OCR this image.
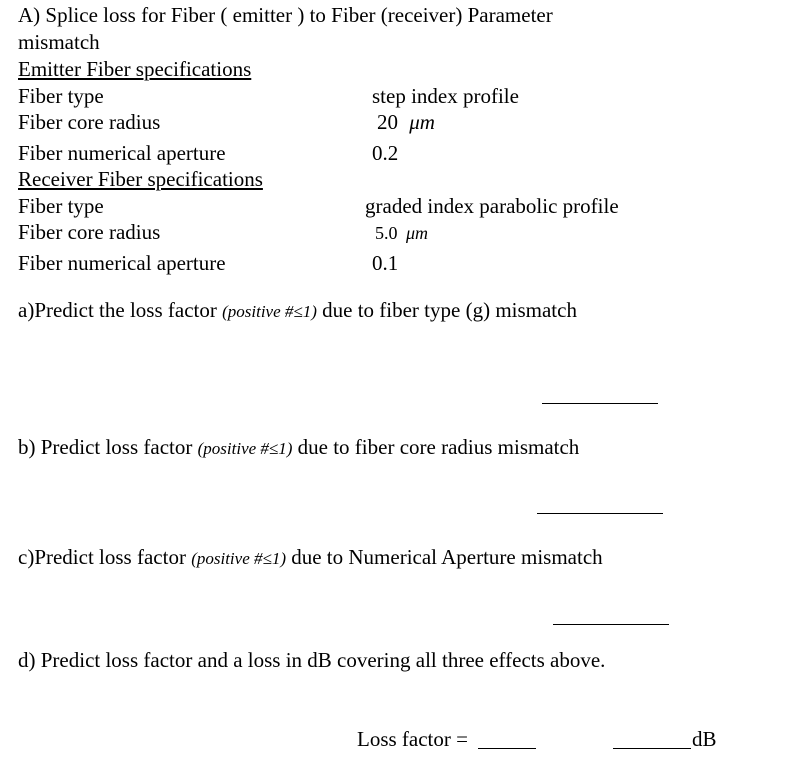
A) Splice loss for Fiber ( emitter ) to Fiber (receiver) Parameter
mismatch
Emitter Fiber specifications
Fiber type	step index profile
Fiber core radius	20 μm
Fiber numerical aperture	0.2
Receiver Fiber specifications
Fiber type	graded index parabolic profile
Fiber core radius	5.0 μm
Fiber numerical aperture	0.1
a)Predict the loss factor (positive #≤1) due to fiber type (g) mismatch
b) Predict loss factor (positive #≤1) due to fiber core radius mismatch
c)Predict loss factor (positive #≤1) due to Numerical Aperture mismatch
d) Predict loss factor and a loss in dB covering all three effects above.
Loss factor =	dB
